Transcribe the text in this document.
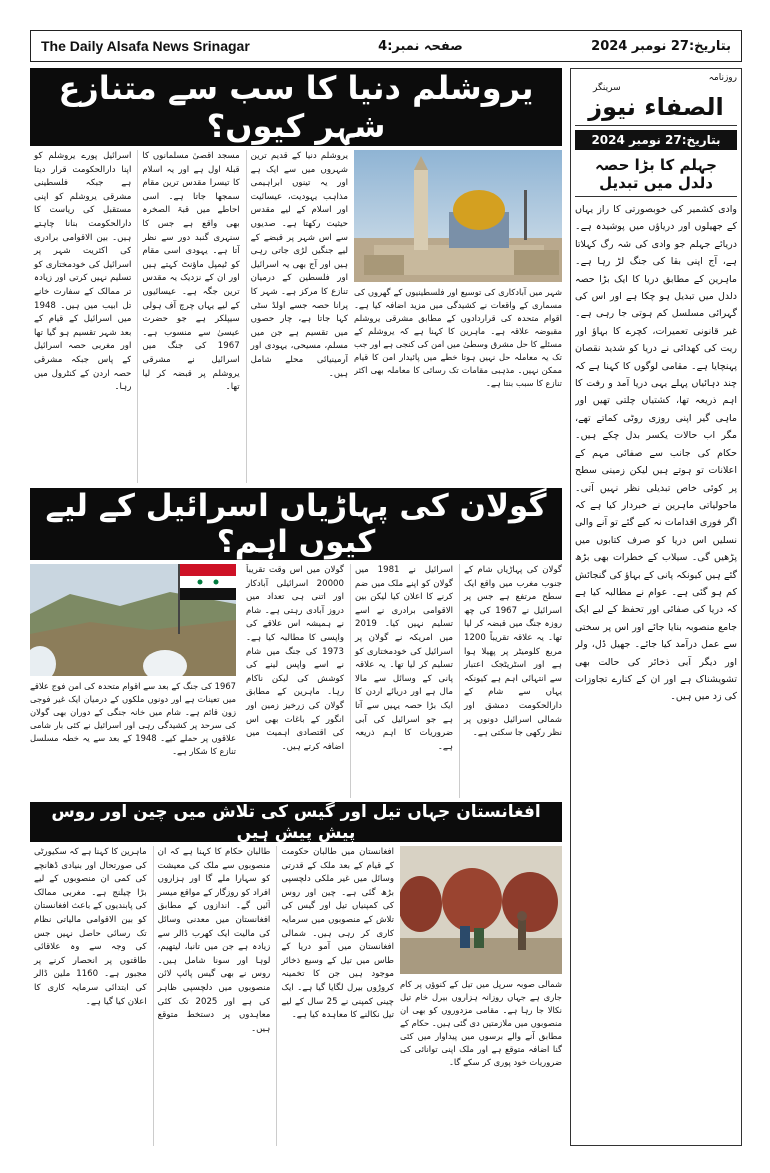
The Daily Alsafa News Srinagar	صفحہ نمبر:4	بتاریخ:27 نومبر 2024
روزنامہ
سرینگر
الصفاء نیوز
بتاریخ:27 نومبر 2024
جہلم کا بڑا حصہ دلدل میں تبدیل
وادی کشمیر کی خوبصورتی کا راز یہاں کے جھیلوں اور دریاؤں میں پوشیدہ ہے۔ دریائے جہلم جو وادی کی شہ رگ کہلاتا ہے، آج اپنی بقا کی جنگ لڑ رہا ہے۔ ماہرین کے مطابق دریا کا ایک بڑا حصہ دلدل میں تبدیل ہو چکا ہے اور اس کی گہرائی مسلسل کم ہوتی جا رہی ہے۔ غیر قانونی تعمیرات، کچرے کا بہاؤ اور ریت کی کھدائی نے دریا کو شدید نقصان پہنچایا ہے۔ مقامی لوگوں کا کہنا ہے کہ چند دہائیاں پہلے یہی دریا آمد و رفت کا اہم ذریعہ تھا، کشتیاں چلتی تھیں اور ماہی گیر اپنی روزی روٹی کماتے تھے، مگر اب حالات یکسر بدل چکے ہیں۔ حکام کی جانب سے صفائی مہم کے اعلانات تو ہوتے ہیں لیکن زمینی سطح پر کوئی خاص تبدیلی نظر نہیں آتی۔ ماحولیاتی ماہرین نے خبردار کیا ہے کہ اگر فوری اقدامات نہ کیے گئے تو آنے والی نسلیں اس دریا کو صرف کتابوں میں پڑھیں گی۔ سیلاب کے خطرات بھی بڑھ گئے ہیں کیونکہ پانی کے بہاؤ کی گنجائش کم ہو گئی ہے۔ عوام نے مطالبہ کیا ہے کہ دریا کی صفائی اور تحفظ کے لیے ایک جامع منصوبہ بنایا جائے اور اس پر سختی سے عمل درآمد کیا جائے۔ جھیل ڈل، ولر اور دیگر آبی ذخائر کی حالت بھی تشویشناک ہے اور ان کے کنارے تجاوزات کی زد میں ہیں۔
یروشلم دنیا کا سب سے متنازع شہر کیوں؟
یروشلم دنیا کے قدیم ترین شہروں میں سے ایک ہے اور یہ تینوں ابراہیمی مذاہب یہودیت، عیسائیت اور اسلام کے لیے مقدس حیثیت رکھتا ہے۔ صدیوں سے اس شہر پر قبضے کے لیے جنگیں لڑی جاتی رہی ہیں اور آج بھی یہ اسرائیل اور فلسطین کے درمیان تنازع کا مرکز ہے۔ شہر کا پرانا حصہ جسے اولڈ سٹی کہا جاتا ہے، چار حصوں میں تقسیم ہے جن میں مسلم، مسیحی، یہودی اور آرمینیائی محلے شامل ہیں۔
مسجد اقصیٰ مسلمانوں کا قبلۂ اول ہے اور یہ اسلام کا تیسرا مقدس ترین مقام سمجھا جاتا ہے۔ اسی احاطے میں قبۃ الصخرہ بھی واقع ہے جس کا سنہری گنبد دور سے نظر آتا ہے۔ یہودی اسی مقام کو ٹیمپل ماؤنٹ کہتے ہیں اور ان کے نزدیک یہ مقدس ترین جگہ ہے۔ عیسائیوں کے لیے یہاں چرچ آف ہولی سیپلکر ہے جو حضرت عیسیٰ سے منسوب ہے۔ 1967 کی جنگ میں اسرائیل نے مشرقی یروشلم پر قبضہ کر لیا تھا۔
اسرائیل پورے یروشلم کو اپنا دارالحکومت قرار دیتا ہے جبکہ فلسطینی مشرقی یروشلم کو اپنی مستقبل کی ریاست کا دارالحکومت بنانا چاہتے ہیں۔ بین الاقوامی برادری کی اکثریت شہر پر اسرائیل کی خودمختاری کو تسلیم نہیں کرتی اور زیادہ تر ممالک کے سفارت خانے تل ابیب میں ہیں۔ 1948 میں اسرائیل کے قیام کے بعد شہر تقسیم ہو گیا تھا اور مغربی حصہ اسرائیل کے پاس جبکہ مشرقی حصہ اردن کے کنٹرول میں رہا۔
شہر میں آبادکاری کی توسیع اور فلسطینیوں کے گھروں کی مسماری کے واقعات نے کشیدگی میں مزید اضافہ کیا ہے۔ اقوام متحدہ کی قراردادوں کے مطابق مشرقی یروشلم مقبوضہ علاقہ ہے۔ ماہرین کا کہنا ہے کہ یروشلم کے مسئلے کا حل مشرق وسطیٰ میں امن کی کنجی ہے اور جب تک یہ معاملہ حل نہیں ہوتا خطے میں پائیدار امن کا قیام ممکن نہیں۔ مذہبی مقامات تک رسائی کا معاملہ بھی اکثر تنازع کا سبب بنتا ہے۔
گولان کی پہاڑیاں اسرائیل کے لیے کیوں اہم؟
گولان کی پہاڑیاں شام کے جنوب مغرب میں واقع ایک سطح مرتفع ہے جس پر اسرائیل نے 1967 کی چھ روزہ جنگ میں قبضہ کر لیا تھا۔ یہ علاقہ تقریباً 1200 مربع کلومیٹر پر پھیلا ہوا ہے اور اسٹریٹجک اعتبار سے انتہائی اہم ہے کیونکہ یہاں سے شام کے دارالحکومت دمشق اور شمالی اسرائیل دونوں پر نظر رکھی جا سکتی ہے۔
اسرائیل نے 1981 میں گولان کو اپنے ملک میں ضم کرنے کا اعلان کیا لیکن بین الاقوامی برادری نے اسے تسلیم نہیں کیا۔ 2019 میں امریکہ نے گولان پر اسرائیل کی خودمختاری کو تسلیم کر لیا تھا۔ یہ علاقہ پانی کے وسائل سے مالا مال ہے اور دریائے اردن کا ایک بڑا حصہ یہیں سے آتا ہے جو اسرائیل کی آبی ضروریات کا اہم ذریعہ ہے۔
گولان میں اس وقت تقریباً 20000 اسرائیلی آبادکار اور اتنی ہی تعداد میں دروز آبادی رہتی ہے۔ شام نے ہمیشہ اس علاقے کی واپسی کا مطالبہ کیا ہے۔ 1973 کی جنگ میں شام نے اسے واپس لینے کی کوشش کی لیکن ناکام رہا۔ ماہرین کے مطابق گولان کی زرخیز زمین اور انگور کے باغات بھی اس کی اقتصادی اہمیت میں اضافہ کرتے ہیں۔
1967 کی جنگ کے بعد سے اقوام متحدہ کی امن فوج علاقے میں تعینات ہے اور دونوں ملکوں کے درمیان ایک غیر فوجی زون قائم ہے۔ شام میں خانہ جنگی کے دوران بھی گولان کی سرحد پر کشیدگی رہی اور اسرائیل نے کئی بار شامی علاقوں پر حملے کیے۔ 1948 کے بعد سے یہ خطہ مسلسل تنازع کا شکار ہے۔
افغانستان جہاں تیل اور گیس کی تلاش میں چین اور روس پیش پیش ہیں
افغانستان میں طالبان حکومت کے قیام کے بعد ملک کے قدرتی وسائل میں غیر ملکی دلچسپی بڑھ گئی ہے۔ چین اور روس کی کمپنیاں تیل اور گیس کی تلاش کے منصوبوں میں سرمایہ کاری کر رہی ہیں۔ شمالی افغانستان میں آمو دریا کے طاس میں تیل کے وسیع ذخائر موجود ہیں جن کا تخمینہ کروڑوں بیرل لگایا گیا ہے۔ ایک چینی کمپنی نے 25 سال کے لیے تیل نکالنے کا معاہدہ کیا ہے۔
طالبان حکام کا کہنا ہے کہ ان منصوبوں سے ملک کی معیشت کو سہارا ملے گا اور ہزاروں افراد کو روزگار کے مواقع میسر آئیں گے۔ اندازوں کے مطابق افغانستان میں معدنی وسائل کی مالیت ایک کھرب ڈالر سے زیادہ ہے جن میں تانبا، لیتھیم، لوہا اور سونا شامل ہیں۔ روس نے بھی گیس پائپ لائن منصوبوں میں دلچسپی ظاہر کی ہے اور 2025 تک کئی معاہدوں پر دستخط متوقع ہیں۔
ماہرین کا کہنا ہے کہ سکیورٹی کی صورتحال اور بنیادی ڈھانچے کی کمی ان منصوبوں کے لیے بڑا چیلنج ہے۔ مغربی ممالک کی پابندیوں کے باعث افغانستان کو بین الاقوامی مالیاتی نظام تک رسائی حاصل نہیں جس کی وجہ سے وہ علاقائی طاقتوں پر انحصار کرنے پر مجبور ہے۔ 1160 ملین ڈالر کی ابتدائی سرمایہ کاری کا اعلان کیا گیا ہے۔
شمالی صوبہ سرپل میں تیل کے کنوؤں پر کام جاری ہے جہاں روزانہ ہزاروں بیرل خام تیل نکالا جا رہا ہے۔ مقامی مزدوروں کو بھی ان منصوبوں میں ملازمتیں دی گئی ہیں۔ حکام کے مطابق آنے والے برسوں میں پیداوار میں کئی گنا اضافہ متوقع ہے اور ملک اپنی توانائی کی ضروریات خود پوری کر سکے گا۔
